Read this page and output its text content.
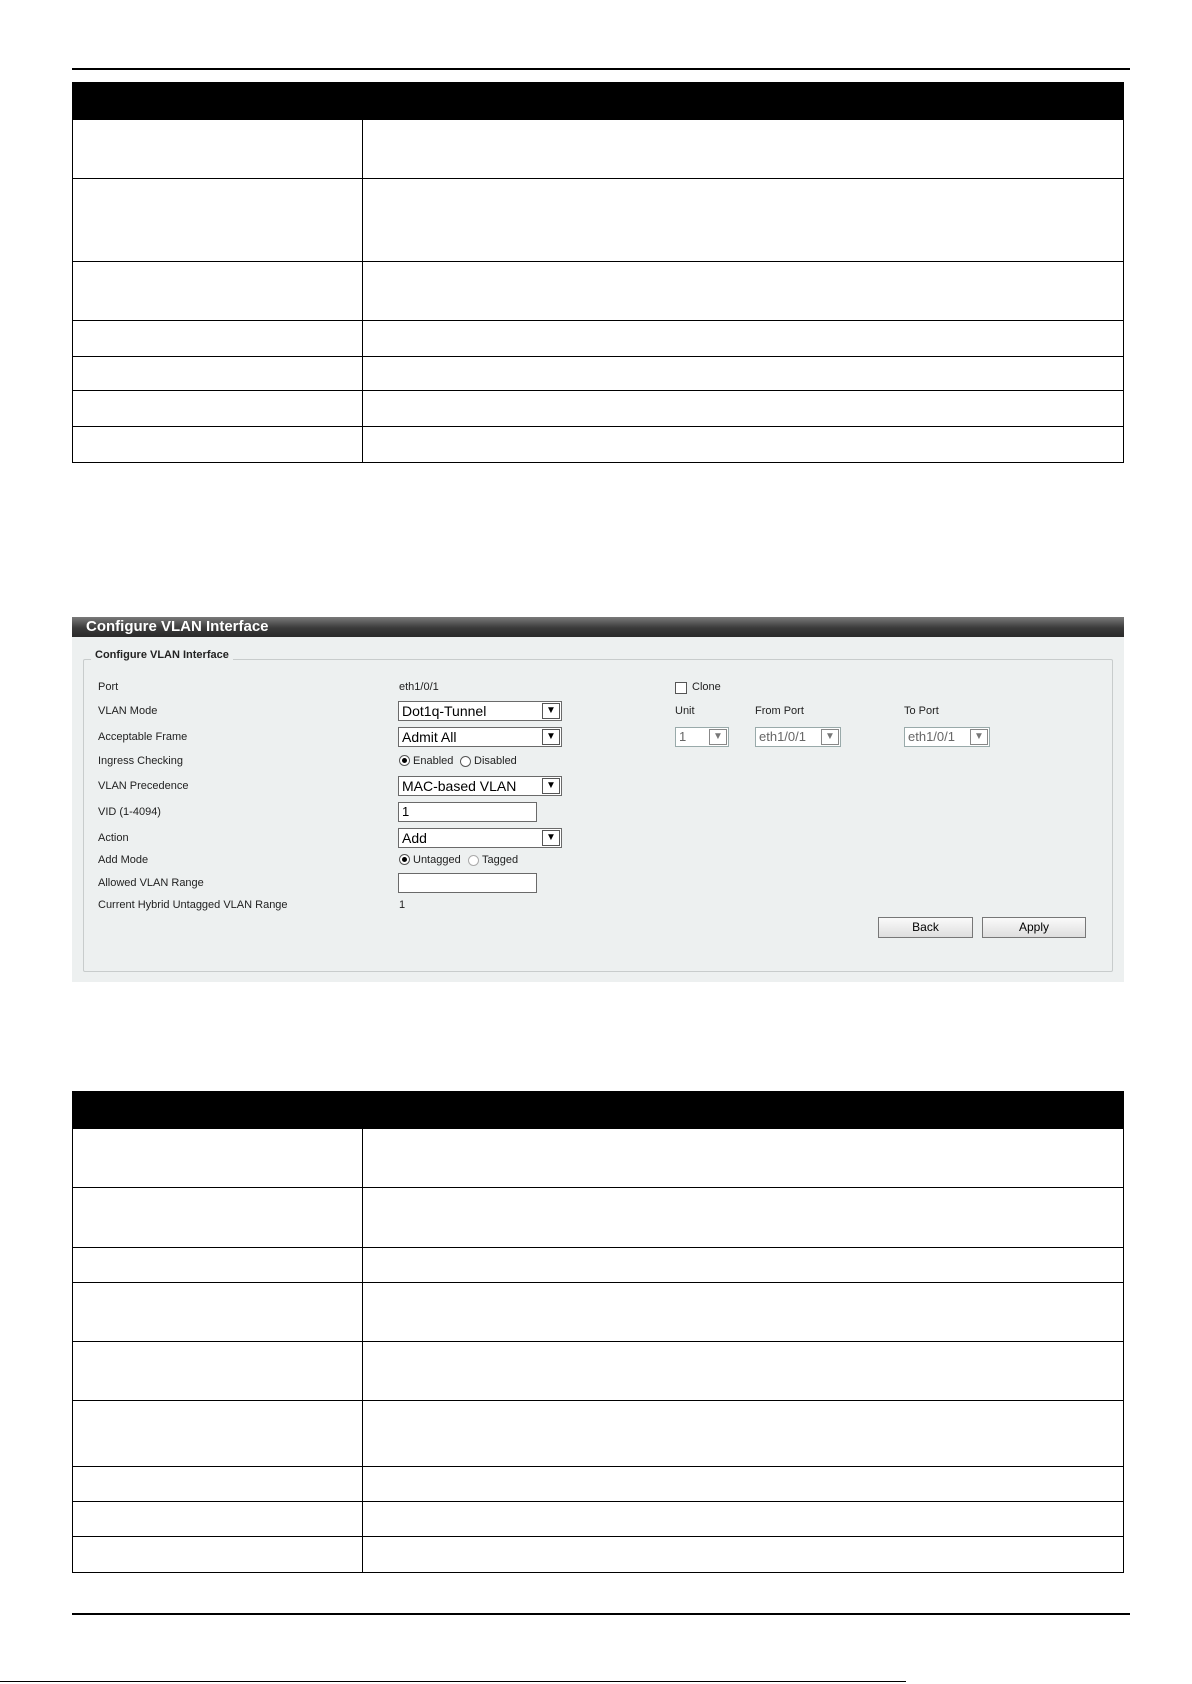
Configure VLAN Interface
Configure VLAN Interface
Port	eth1/0/1	Clone
VLAN Mode	Dot1q-Tunnel	▼	Unit	From Port	To Port
Acceptable Frame	Admit All	▼	1	▼	eth1/0/1	▼	eth1/0/1	▼
Ingress Checking	Enabled Disabled
VLAN Precedence	MAC-based VLAN	▼
VID (1-4094)	1
Action	Add	▼
Add Mode	Untagged Tagged
Allowed VLAN Range
Current Hybrid Untagged VLAN Range	1
Back	Apply
